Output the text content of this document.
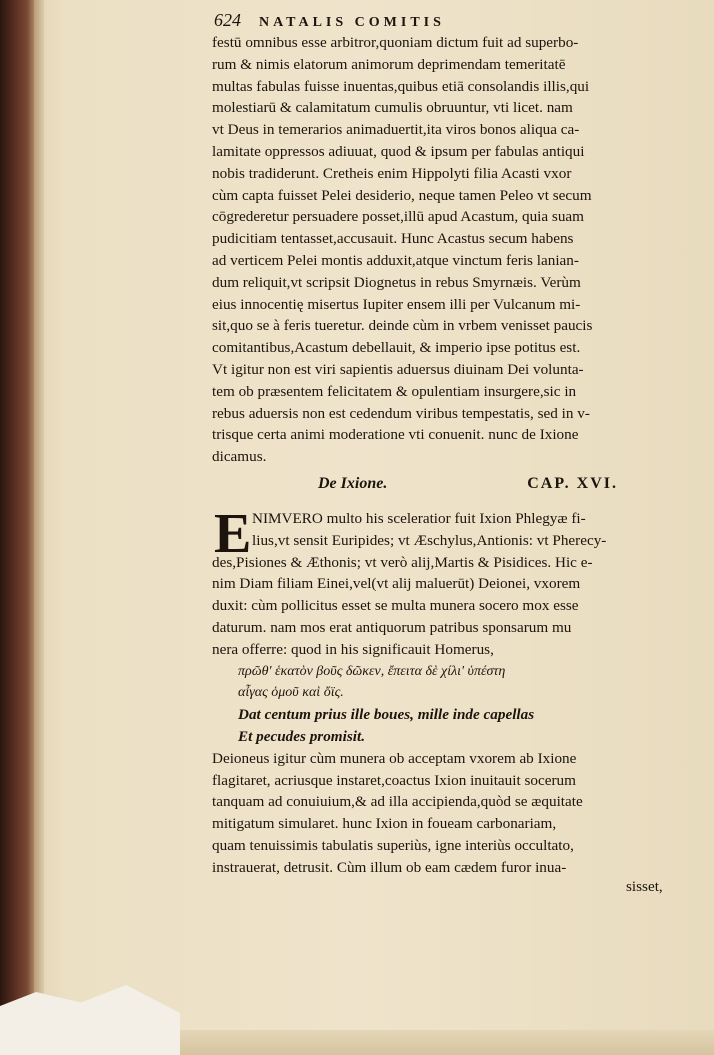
624 NATALIS COMITIS
festū omnibus esse arbitror,quoniam dictum fuit ad superbo-
rum & nimis elatorum animorum deprimendam temeritatē
multas fabulas fuisse inuentas,quibus etiā consolandis illis,qui
molestiarū & calamitatum cumulis obruuntur, vti licet. nam
vt Deus in temerarios animaduertit,ita viros bonos aliqua ca-
lamitate oppressos adiuuat, quod & ipsum per fabulas antiqui
nobis tradiderunt. Cretheis enim Hippolyti filia Acasti vxor
cùm capta fuisset Pelei desiderio, neque tamen Peleo vt secum
cōgrederetur persuadere posset,illū apud Acastum, quia suam
pudicitiam tentasset,accusauit. Hunc Acastus secum habens
ad verticem Pelei montis adduxit,atque vinctum feris lanian-
dum reliquit,vt scripsit Diognetus in rebus Smyrnæis. Verùm
eius innocentię misertus Iupiter ensem illi per Vulcanum mi-
sit,quo se à feris tueretur. deinde cùm in vrbem venisset paucis
comitantibus,Acastum debellauit, & imperio ipse potitus est.
Vt igitur non est viri sapientis aduersus diuinam Dei volunta-
tem ob præsentem felicitatem & opulentiam insurgere,sic in
rebus aduersis non est cedendum viribus tempestatis, sed in v-
trisque certa animi moderatione vti conuenit. nunc de Ixione
dicamus.
De Ixione.	CAP. XVI.
E NIMVERO multo his sceleratior fuit Ixion Phlegyæ fi-
lius,vt sensit Euripides; vt Æschylus,Antionis: vt Pherecy-
des,Pisiones & Æthonis; vt verò alij,Martis & Pisidices. Hic e-
nim Diam filiam Einei,vel(vt alij maluerūt) Deionei, vxorem
duxit: cùm pollicitus esset se multa munera socero mox esse
daturum. nam mos erat antiquorum patribus sponsarum mu
nera offerre: quod in his significauit Homerus,
πρῶθ' ἑκατὸν βοῦς δῶκεν, ἔπειτα δὲ χίλι' ὑπέστη
αἶγας ὁμοῦ καὶ ὄϊς.
Dat centum prius ille boues, mille inde capellas
Et pecudes promisit.
Deioneus igitur cùm munera ob acceptam vxorem ab Ixione
flagitaret, acriusque instaret,coactus Ixion inuitauit socerum
tanquam ad conuiuium,& ad illa accipienda,quòd se æquitate
mitigatum simularet. hunc Ixion in foueam carbonariam,
quam tenuissimis tabulatis superiùs, igne interiùs occultato,
instrauerat, detrusit. Cùm illum ob eam cædem furor inua-
sisset,
